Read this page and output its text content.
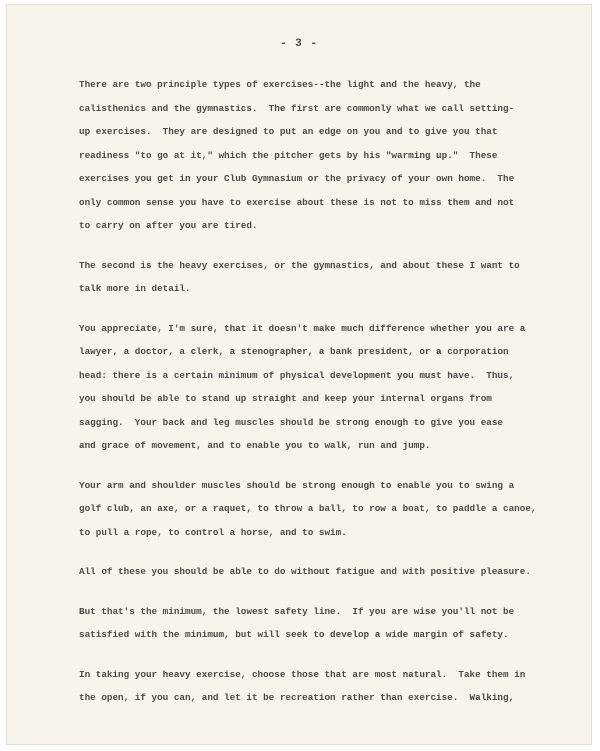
- 3 -
There are two principle types of exercises--the light and the heavy, the
calisthenics and the gymnastics.  The first are commonly what we call setting-
up exercises.  They are designed to put an edge on you and to give you that
readiness "to go at it," which the pitcher gets by his "warming up."  These
exercises you get in your Club Gymnasium or the privacy of your own home.  The
only common sense you have to exercise about these is not to miss them and not
to carry on after you are tired.
The second is the heavy exercises, or the gymnastics, and about these I want to
talk more in detail.
You appreciate, I'm sure, that it doesn't make much difference whether you are a
lawyer, a doctor, a clerk, a stenographer, a bank president, or a corporation
head: there is a certain minimum of physical development you must have.  Thus,
you should be able to stand up straight and keep your internal organs from
sagging.  Your back and leg muscles should be strong enough to give you ease
and grace of movement, and to enable you to walk, run and jump.
Your arm and shoulder muscles should be strong enough to enable you to swing a
golf club, an axe, or a raquet, to throw a ball, to row a boat, to paddle a canoe,
to pull a rope, to control a horse, and to swim.
All of these you should be able to do without fatigue and with positive pleasure.
But that's the minimum, the lowest safety line.  If you are wise you'll not be
satisfied with the minimum, but will seek to develop a wide margin of safety.
In taking your heavy exercise, choose those that are most natural.  Take them in
the open, if you can, and let it be recreation rather than exercise.  Walking,
